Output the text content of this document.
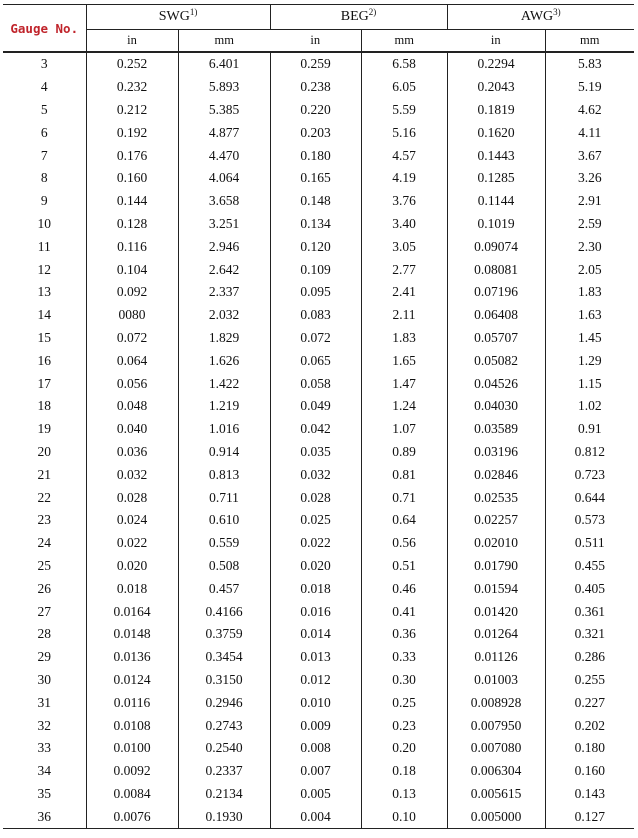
Gauge No.	SWG$^{1)}$		BEG$^{2)}$		AWG$^{3)}$
	in	mm	in	mm	in	mm
3	0.252	6.401	0.259	6.58	0.2294	5.83
4	0.232	5.893	0.238	6.05	0.2043	5.19
5	0.212	5.385	0.220	5.59	0.1819	4.62
6	0.192	4.877	0.203	5.16	0.1620	4.11
7	0.176	4.470	0.180	4.57	0.1443	3.67
8	0.160	4.064	0.165	4.19	0.1285	3.26
9	0.144	3.658	0.148	3.76	0.1144	2.91
10	0.128	3.251	0.134	3.40	0.1019	2.59
11	0.116	2.946	0.120	3.05	0.09074	2.30
12	0.104	2.642	0.109	2.77	0.08081	2.05
13	0.092	2.337	0.095	2.41	0.07196	1.83
14	0080	2.032	0.083	2.11	0.06408	1.63
15	0.072	1.829	0.072	1.83	0.05707	1.45
16	0.064	1.626	0.065	1.65	0.05082	1.29
17	0.056	1.422	0.058	1.47	0.04526	1.15
18	0.048	1.219	0.049	1.24	0.04030	1.02
19	0.040	1.016	0.042	1.07	0.03589	0.91
20	0.036	0.914	0.035	0.89	0.03196	0.812
21	0.032	0.813	0.032	0.81	0.02846	0.723
22	0.028	0.711	0.028	0.71	0.02535	0.644
23	0.024	0.610	0.025	0.64	0.02257	0.573
24	0.022	0.559	0.022	0.56	0.02010	0.511
25	0.020	0.508	0.020	0.51	0.01790	0.455
26	0.018	0.457	0.018	0.46	0.01594	0.405
27	0.0164	0.4166	0.016	0.41	0.01420	0.361
28	0.0148	0.3759	0.014	0.36	0.01264	0.321
29	0.0136	0.3454	0.013	0.33	0.01126	0.286
30	0.0124	0.3150	0.012	0.30	0.01003	0.255
31	0.0116	0.2946	0.010	0.25	0.008928	0.227
32	0.0108	0.2743	0.009	0.23	0.007950	0.202
33	0.0100	0.2540	0.008	0.20	0.007080	0.180
34	0.0092	0.2337	0.007	0.18	0.006304	0.160
35	0.0084	0.2134	0.005	0.13	0.005615	0.143
36	0.0076	0.1930	0.004	0.10	0.005000	0.127
